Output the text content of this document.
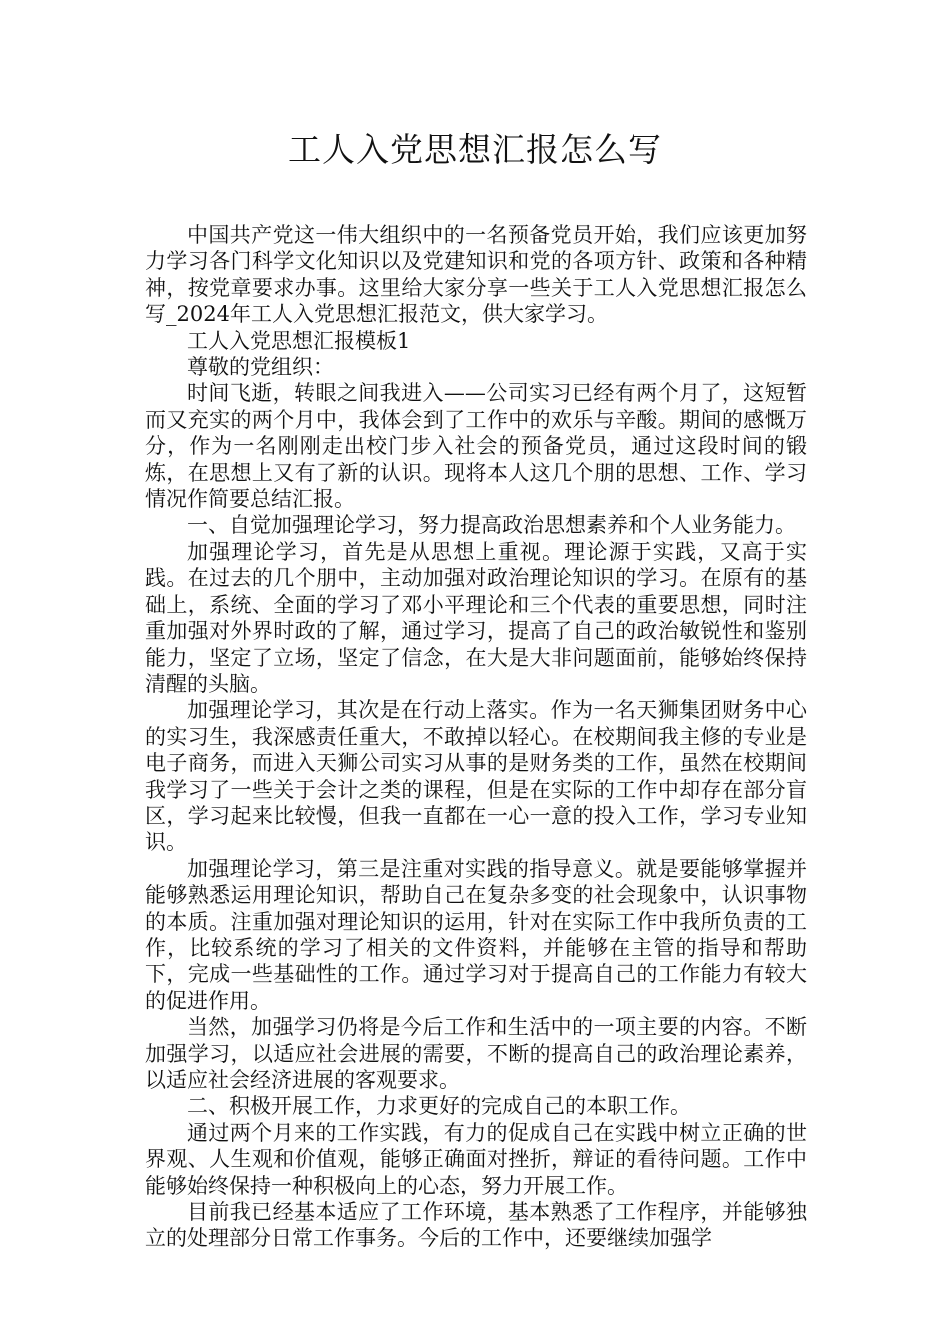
工人入党思想汇报怎么写

中国共产党这一伟大组织中的一名预备党员开始，我们应该更加努力学习各门科学文化知识以及党建知识和党的各项方针、政策和各种精神，按党章要求办事。这里给大家分享一些关于工人入党思想汇报怎么写_2024年工人入党思想汇报范文，供大家学习。

工人入党思想汇报模板1

尊敬的党组织：

时间飞逝，转眼之间我进入——公司实习已经有两个月了，这短暂而又充实的两个月中，我体会到了工作中的欢乐与辛酸。期间的感慨万分，作为一名刚刚走出校门步入社会的预备党员，通过这段时间的锻炼，在思想上又有了新的认识。现将本人这几个朋的思想、工作、学习情况作简要总结汇报。

一、自觉加强理论学习，努力提高政治思想素养和个人业务能力。

加强理论学习，首先是从思想上重视。理论源于实践，又高于实践。在过去的几个朋中，主动加强对政治理论知识的学习。在原有的基础上，系统、全面的学习了邓小平理论和三个代表的重要思想，同时注重加强对外界时政的了解，通过学习，提高了自己的政治敏锐性和鉴别能力，坚定了立场，坚定了信念，在大是大非问题面前，能够始终保持清醒的头脑。

加强理论学习，其次是在行动上落实。作为一名天狮集团财务中心的实习生，我深感责任重大，不敢掉以轻心。在校期间我主修的专业是电子商务，而进入天狮公司实习从事的是财务类的工作，虽然在校期间我学习了一些关于会计之类的课程，但是在实际的工作中却存在部分盲区，学习起来比较慢，但我一直都在一心一意的投入工作，学习专业知识。

加强理论学习，第三是注重对实践的指导意义。就是要能够掌握并能够熟悉运用理论知识，帮助自己在复杂多变的社会现象中，认识事物的本质。注重加强对理论知识的运用，针对在实际工作中我所负责的工作，比较系统的学习了相关的文件资料，并能够在主管的指导和帮助下，完成一些基础性的工作。通过学习对于提高自己的工作能力有较大的促进作用。

当然，加强学习仍将是今后工作和生活中的一项主要的内容。不断加强学习，以适应社会进展的需要，不断的提高自己的政治理论素养，以适应社会经济进展的客观要求。

二、积极开展工作，力求更好的完成自己的本职工作。

通过两个月来的工作实践，有力的促成自己在实践中树立正确的世界观、人生观和价值观，能够正确面对挫折，辩证的看待问题。工作中能够始终保持一种积极向上的心态，努力开展工作。

目前我已经基本适应了工作环境，基本熟悉了工作程序，并能够独立的处理部分日常工作事务。今后的工作中，还要继续加强学
